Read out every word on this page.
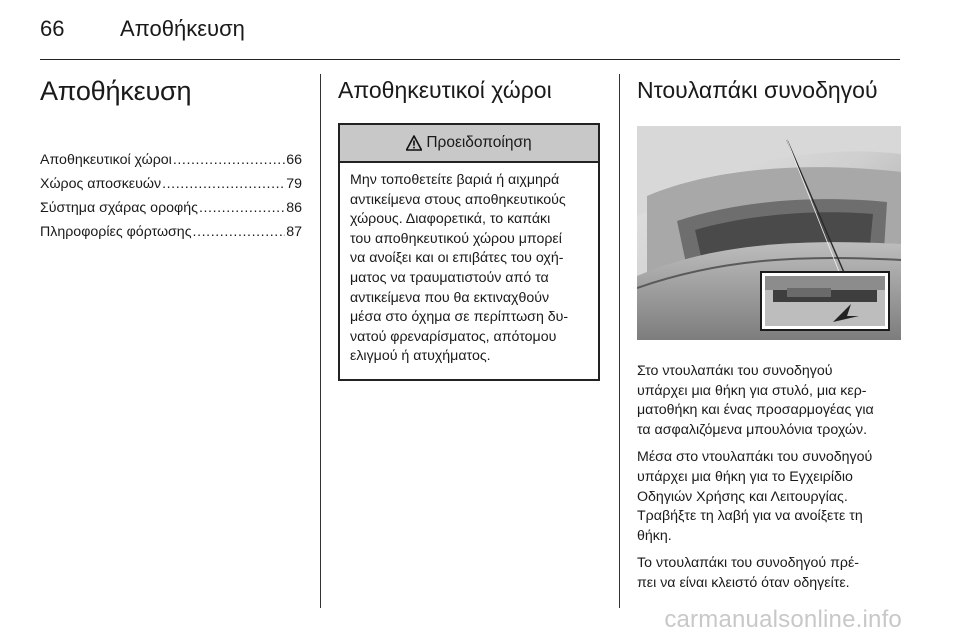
66	Αποθήκευση
Αποθήκευση
Αποθηκευτικοί χώροι .....	66
Χώρος αποσκευών .....	79
Σύστημα σχάρας οροφής .....	86
Πληροφορίες φόρτωσης .....	87
Αποθηκευτικοί χώροι
Προειδοποίηση
Μην τοποθετείτε βαριά ή αιχμηρά
αντικείμενα στους αποθηκευτικούς
χώρους. Διαφορετικά, το καπάκι
του αποθηκευτικού χώρου μπορεί
να ανοίξει και οι επιβάτες του οχή-
ματος να τραυματιστούν από τα
αντικείμενα που θα εκτιναχθούν
μέσα στο όχημα σε περίπτωση δυ-
νατού φρεναρίσματος, απότομου
ελιγμού ή ατυχήματος.
Ντουλαπάκι συνοδηγού
Στο ντουλαπάκι του συνοδηγού
υπάρχει μια θήκη για στυλό, μια κερ-
ματοθήκη και ένας προσαρμογέας για
τα ασφαλιζόμενα μπουλόνια τροχών.
Μέσα στο ντουλαπάκι του συνοδηγού
υπάρχει μια θήκη για το Εγχειρίδιο
Οδηγιών Χρήσης και Λειτουργίας.
Τραβήξτε τη λαβή για να ανοίξετε τη
θήκη.
Το ντουλαπάκι του συνοδηγού πρέ-
πει να είναι κλειστό όταν οδηγείτε.
carmanualsonline.info
